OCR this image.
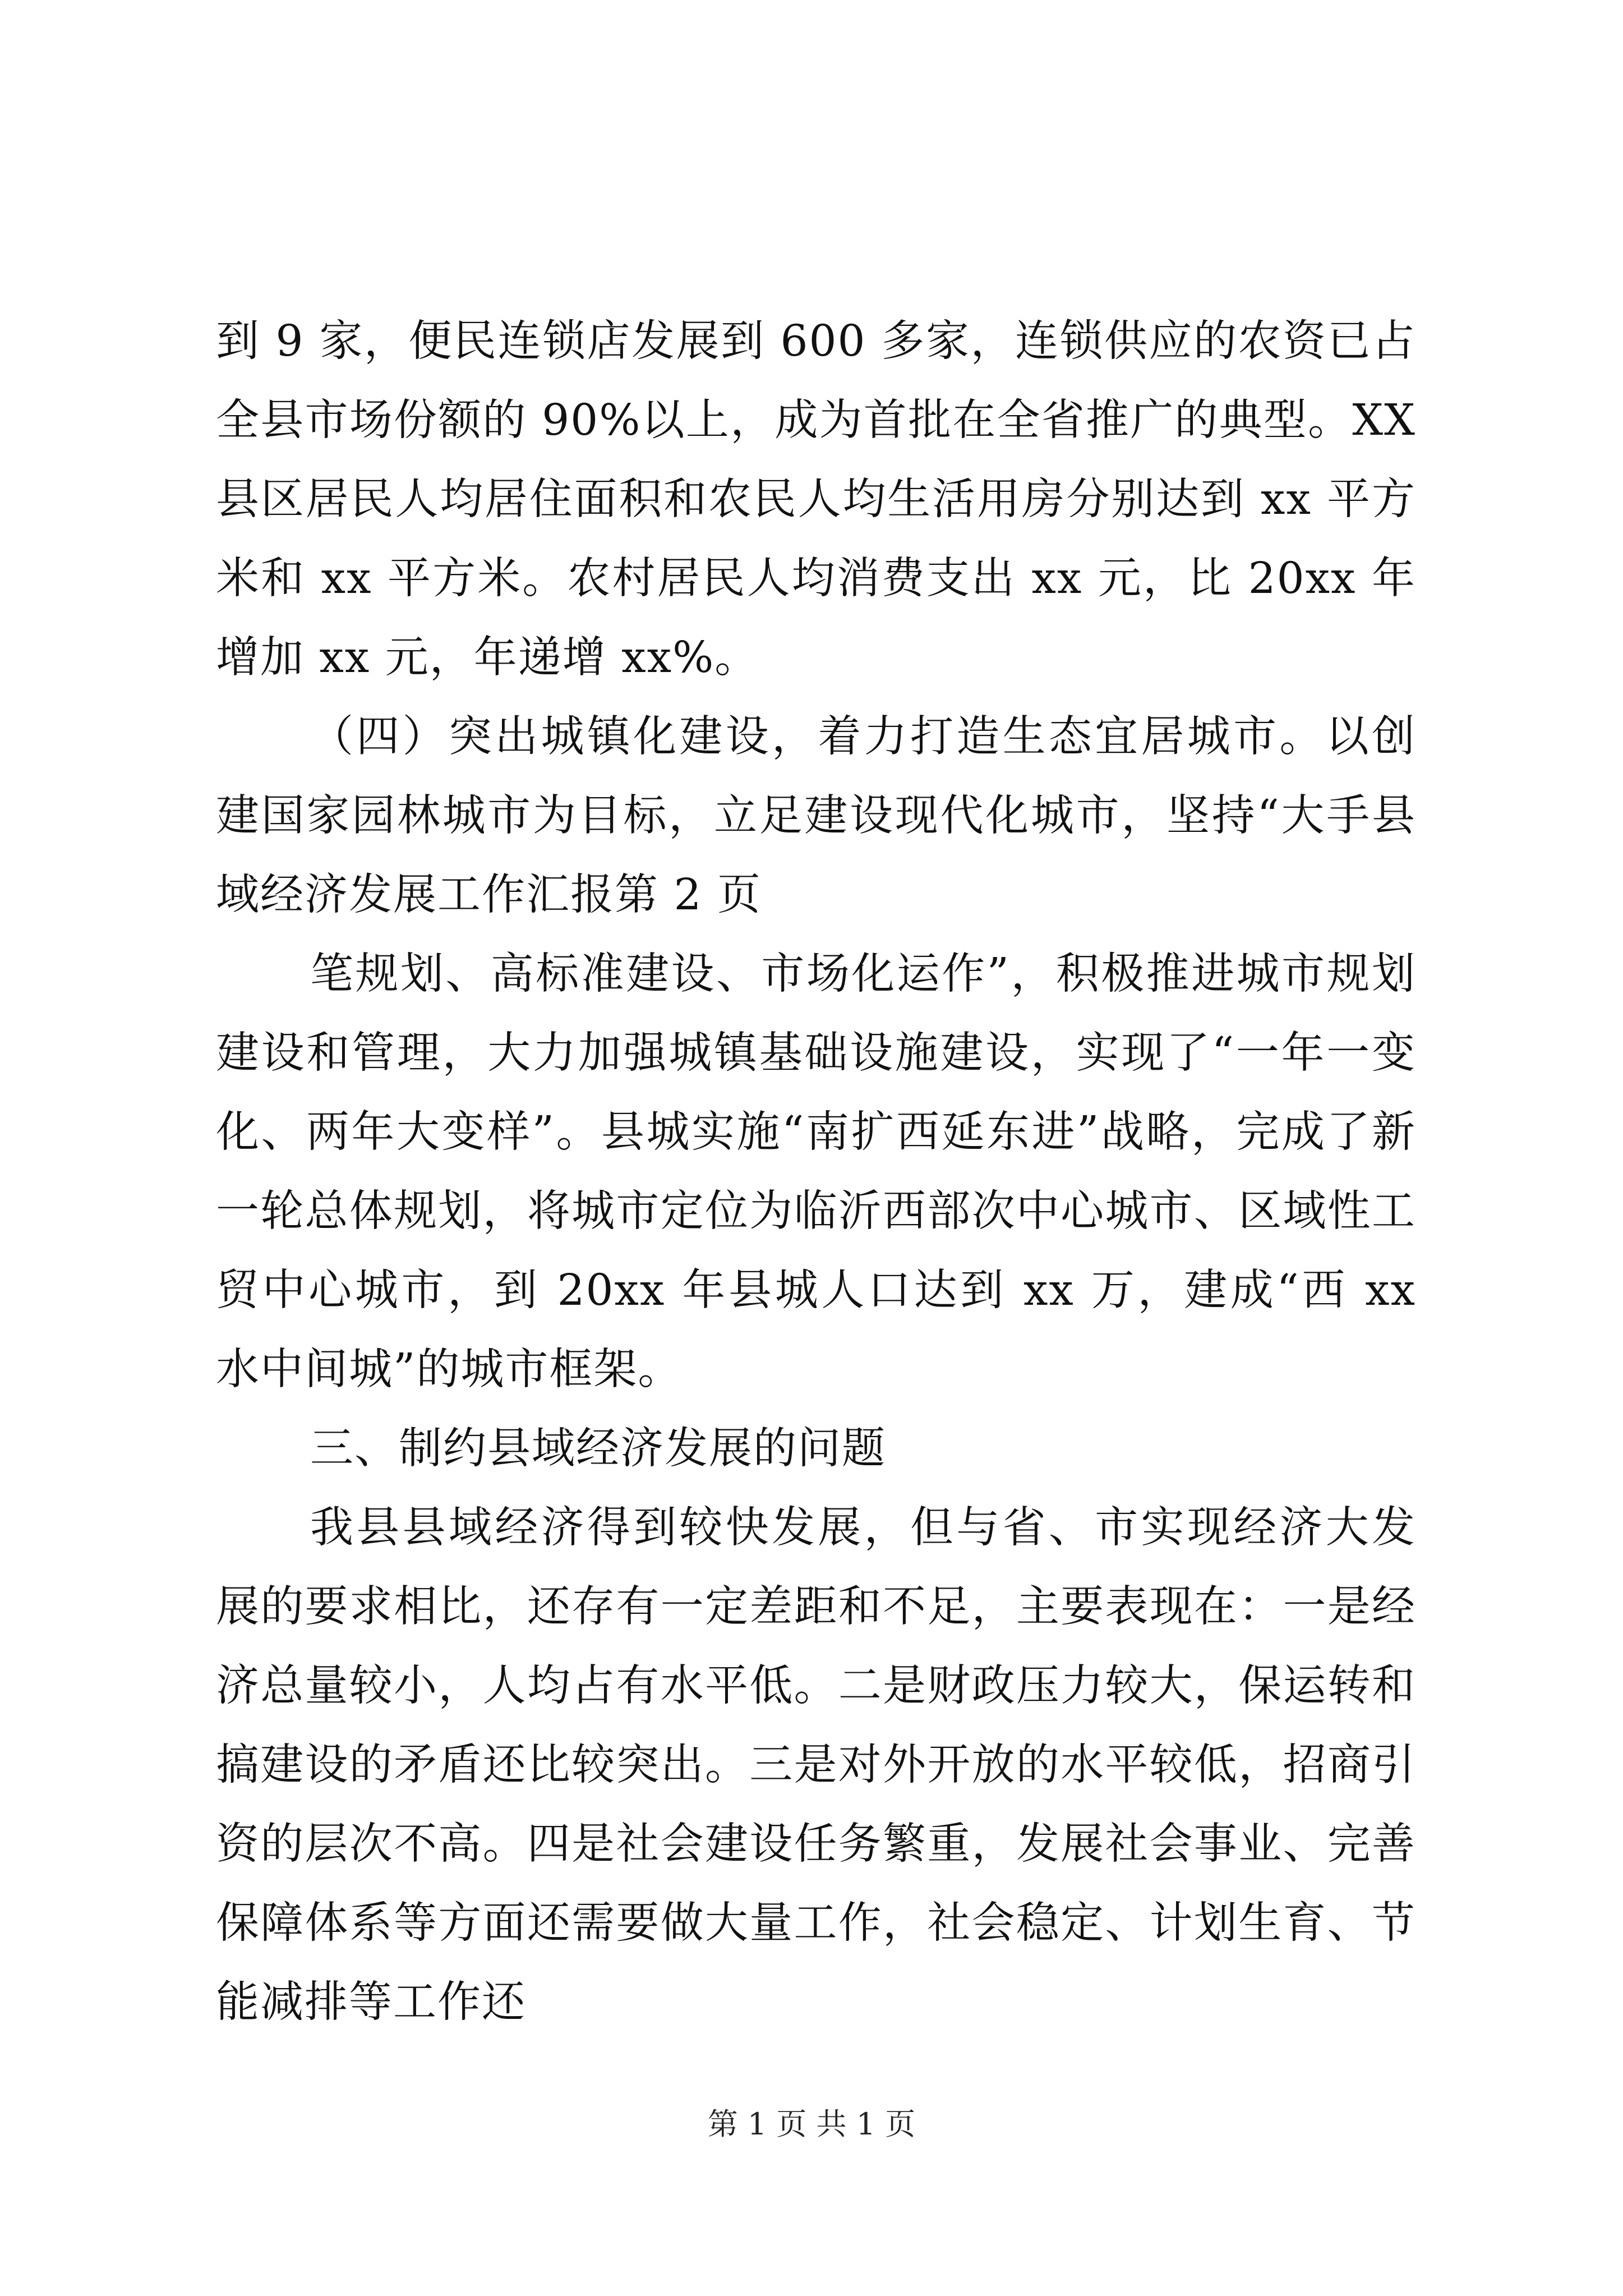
到 9 家，便民连锁店发展到 600 多家，连锁供应的农资已占全县市场份额的 90%以上，成为首批在全省推广的典型。XX 县区居民人均居住面积和农民人均生活用房分别达到 xx 平方米和 xx 平方米。农村居民人均消费支出 xx 元，比 20xx 年增加 xx 元，年递增 xx%。

（四）突出城镇化建设，着力打造生态宜居城市。以创建国家园林城市为目标，立足建设现代化城市，坚持“大手县域经济发展工作汇报第 2 页

笔规划、高标准建设、市场化运作”，积极推进城市规划建设和管理，大力加强城镇基础设施建设，实现了“一年一变化、两年大变样”。县城实施“南扩西延东进”战略，完成了新一轮总体规划，将城市定位为临沂西部次中心城市、区域性工贸中心城市，到 20xx 年县城人口达到 xx 万，建成“西 xx 水中间城”的城市框架。

三、制约县域经济发展的问题

我县县域经济得到较快发展，但与省、市实现经济大发展的要求相比，还存有一定差距和不足，主要表现在：一是经济总量较小，人均占有水平低。二是财政压力较大，保运转和搞建设的矛盾还比较突出。三是对外开放的水平较低，招商引资的层次不高。四是社会建设任务繁重，发展社会事业、完善保障体系等方面还需要做大量工作，社会稳定、计划生育、节能减排等工作还

第 1 页 共 1 页
